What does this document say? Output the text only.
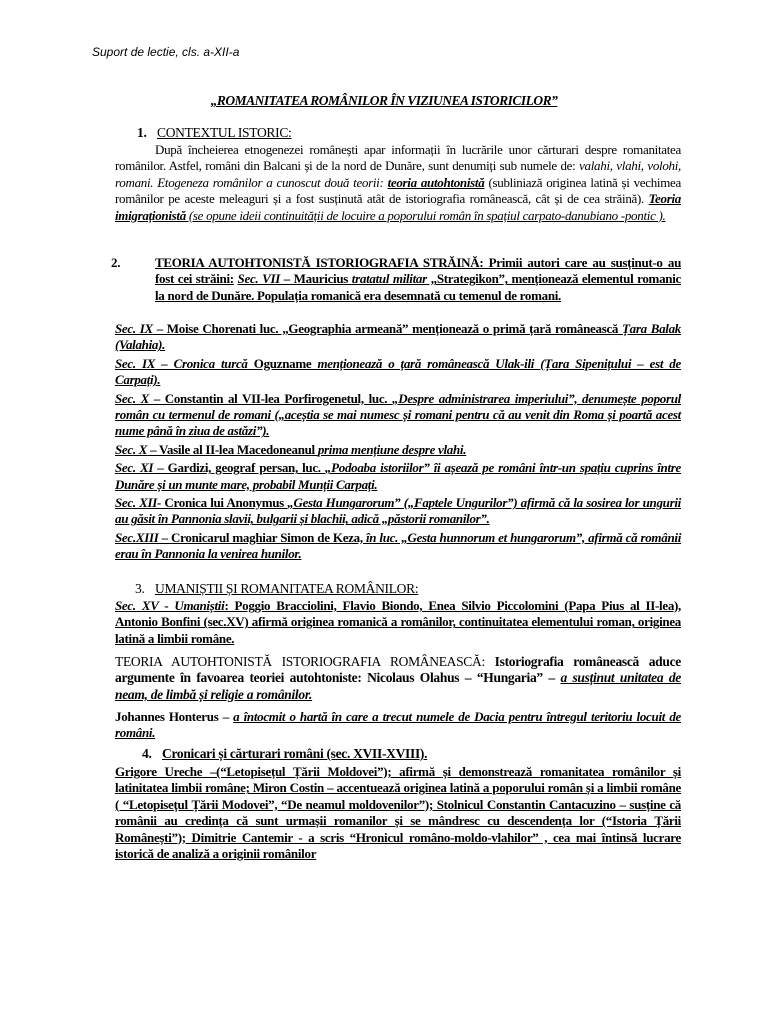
Suport de lectie, cls. a-XII-a
„ROMANITATEA ROMÂNILOR ÎN VIZIUNEA ISTORICILOR”
1. CONTEXTUL ISTORIC:
După încheierea etnogenezei românești apar informații în lucrările unor cărturari despre romanitatea românilor. Astfel, români din Balcani și de la nord de Dunăre, sunt denumiți sub numele de: valahi, vlahi, volohi, romani. Etogeneza românilor a cunoscut două teorii: teoria autohtonistă (subliniază originea latină și vechimea românilor pe aceste meleaguri și a fost susținută atât de istoriografia românească, cât și de cea străină). Teoria imigraționistă (se opune ideii continuității de locuire a poporului român în spațiul carpato-danubiano -pontic ).
2.	TEORIA AUTOHTONISTĂ ISTORIOGRAFIA STRĂINĂ: Primii autori care au susținut-o au fost cei străini: Sec. VII – Mauricius tratatul militar „Strategikon”, menționează elementul romanic la nord de Dunăre. Populația romanică era desemnată cu temenul de romani.
Sec. IX – Moise Chorenati luc. „Geographia armeană” menționează o primă țară românească Țara Balak (Valahia).
Sec. IX – Cronica turcă Oguzname menționează o țară românească Ulak-ili (Țara Sipenițului – est de Carpați).
Sec. X – Constantin al VII-lea Porfirogenetul, luc. „Despre administrarea imperiului”, denumește poporul român cu termenul de romani („aceștia se mai numesc și romani pentru că au venit din Roma și poartă acest nume până în ziua de astăzi”).
Sec. X – Vasile al II-lea Macedoneanul prima mențiune despre vlahi.
Sec. XI – Gardizi, geograf persan, luc. „Podoaba istoriilor” îi așează pe români într-un spațiu cuprins între Dunăre și un munte mare, probabil Munții Carpați.
Sec. XII- Cronica lui Anonymus „Gesta Hungarorum” („Faptele Ungurilor”) afirmă că la sosirea lor ungurii au găsit în Pannonia slavii, bulgarii și blachii, adică „păstorii romanilor”.
Sec.XIII – Cronicarul maghiar Simon de Keza, în luc. „Gesta hunnorum et hungarorum”, afirmă că românii erau în Pannonia la venirea hunilor.
3. UMANIȘTII ȘI ROMANITATEA ROMÂNILOR:
Sec. XV - Umaniștii: Poggio Bracciolini, Flavio Biondo, Enea Silvio Piccolomini (Papa Pius al II-lea), Antonio Bonfini (sec.XV) afirmă originea romanică a românilor, continuitatea elementului roman, originea latină a limbii române.
TEORIA AUTOHTONISTĂ ISTORIOGRAFIA ROMÂNEASCĂ: Istoriografia românească aduce argumente în favoarea teoriei autohtoniste: Nicolaus Olahus – “Hungaria” – a susținut unitatea de neam, de limbă și religie a românilor.
Johannes Honterus – a întocmit o hartă în care a trecut numele de Dacia pentru întregul teritoriu locuit de români.
4. Cronicari și cărturari români (sec. XVII-XVIII).
Grigore Ureche –(“Letopisețul Țării Moldovei”); afirmă și demonstrează romanitatea românilor și latinitatea limbii române; Miron Costin – accentuează originea latină a poporului român și a limbii române ( “Letopisețul Țării Modovei”, “De neamul moldovenilor”); Stolnicul Constantin Cantacuzino – susține că românii au credința că sunt urmașii romanilor și se mândresc cu descendența lor (“Istoria Țării Românești”); Dimitrie Cantemir - a scris “Hronicul româno-moldo-vlahilor” , cea mai întinsă lucrare istorică de analiză a originii românilor
